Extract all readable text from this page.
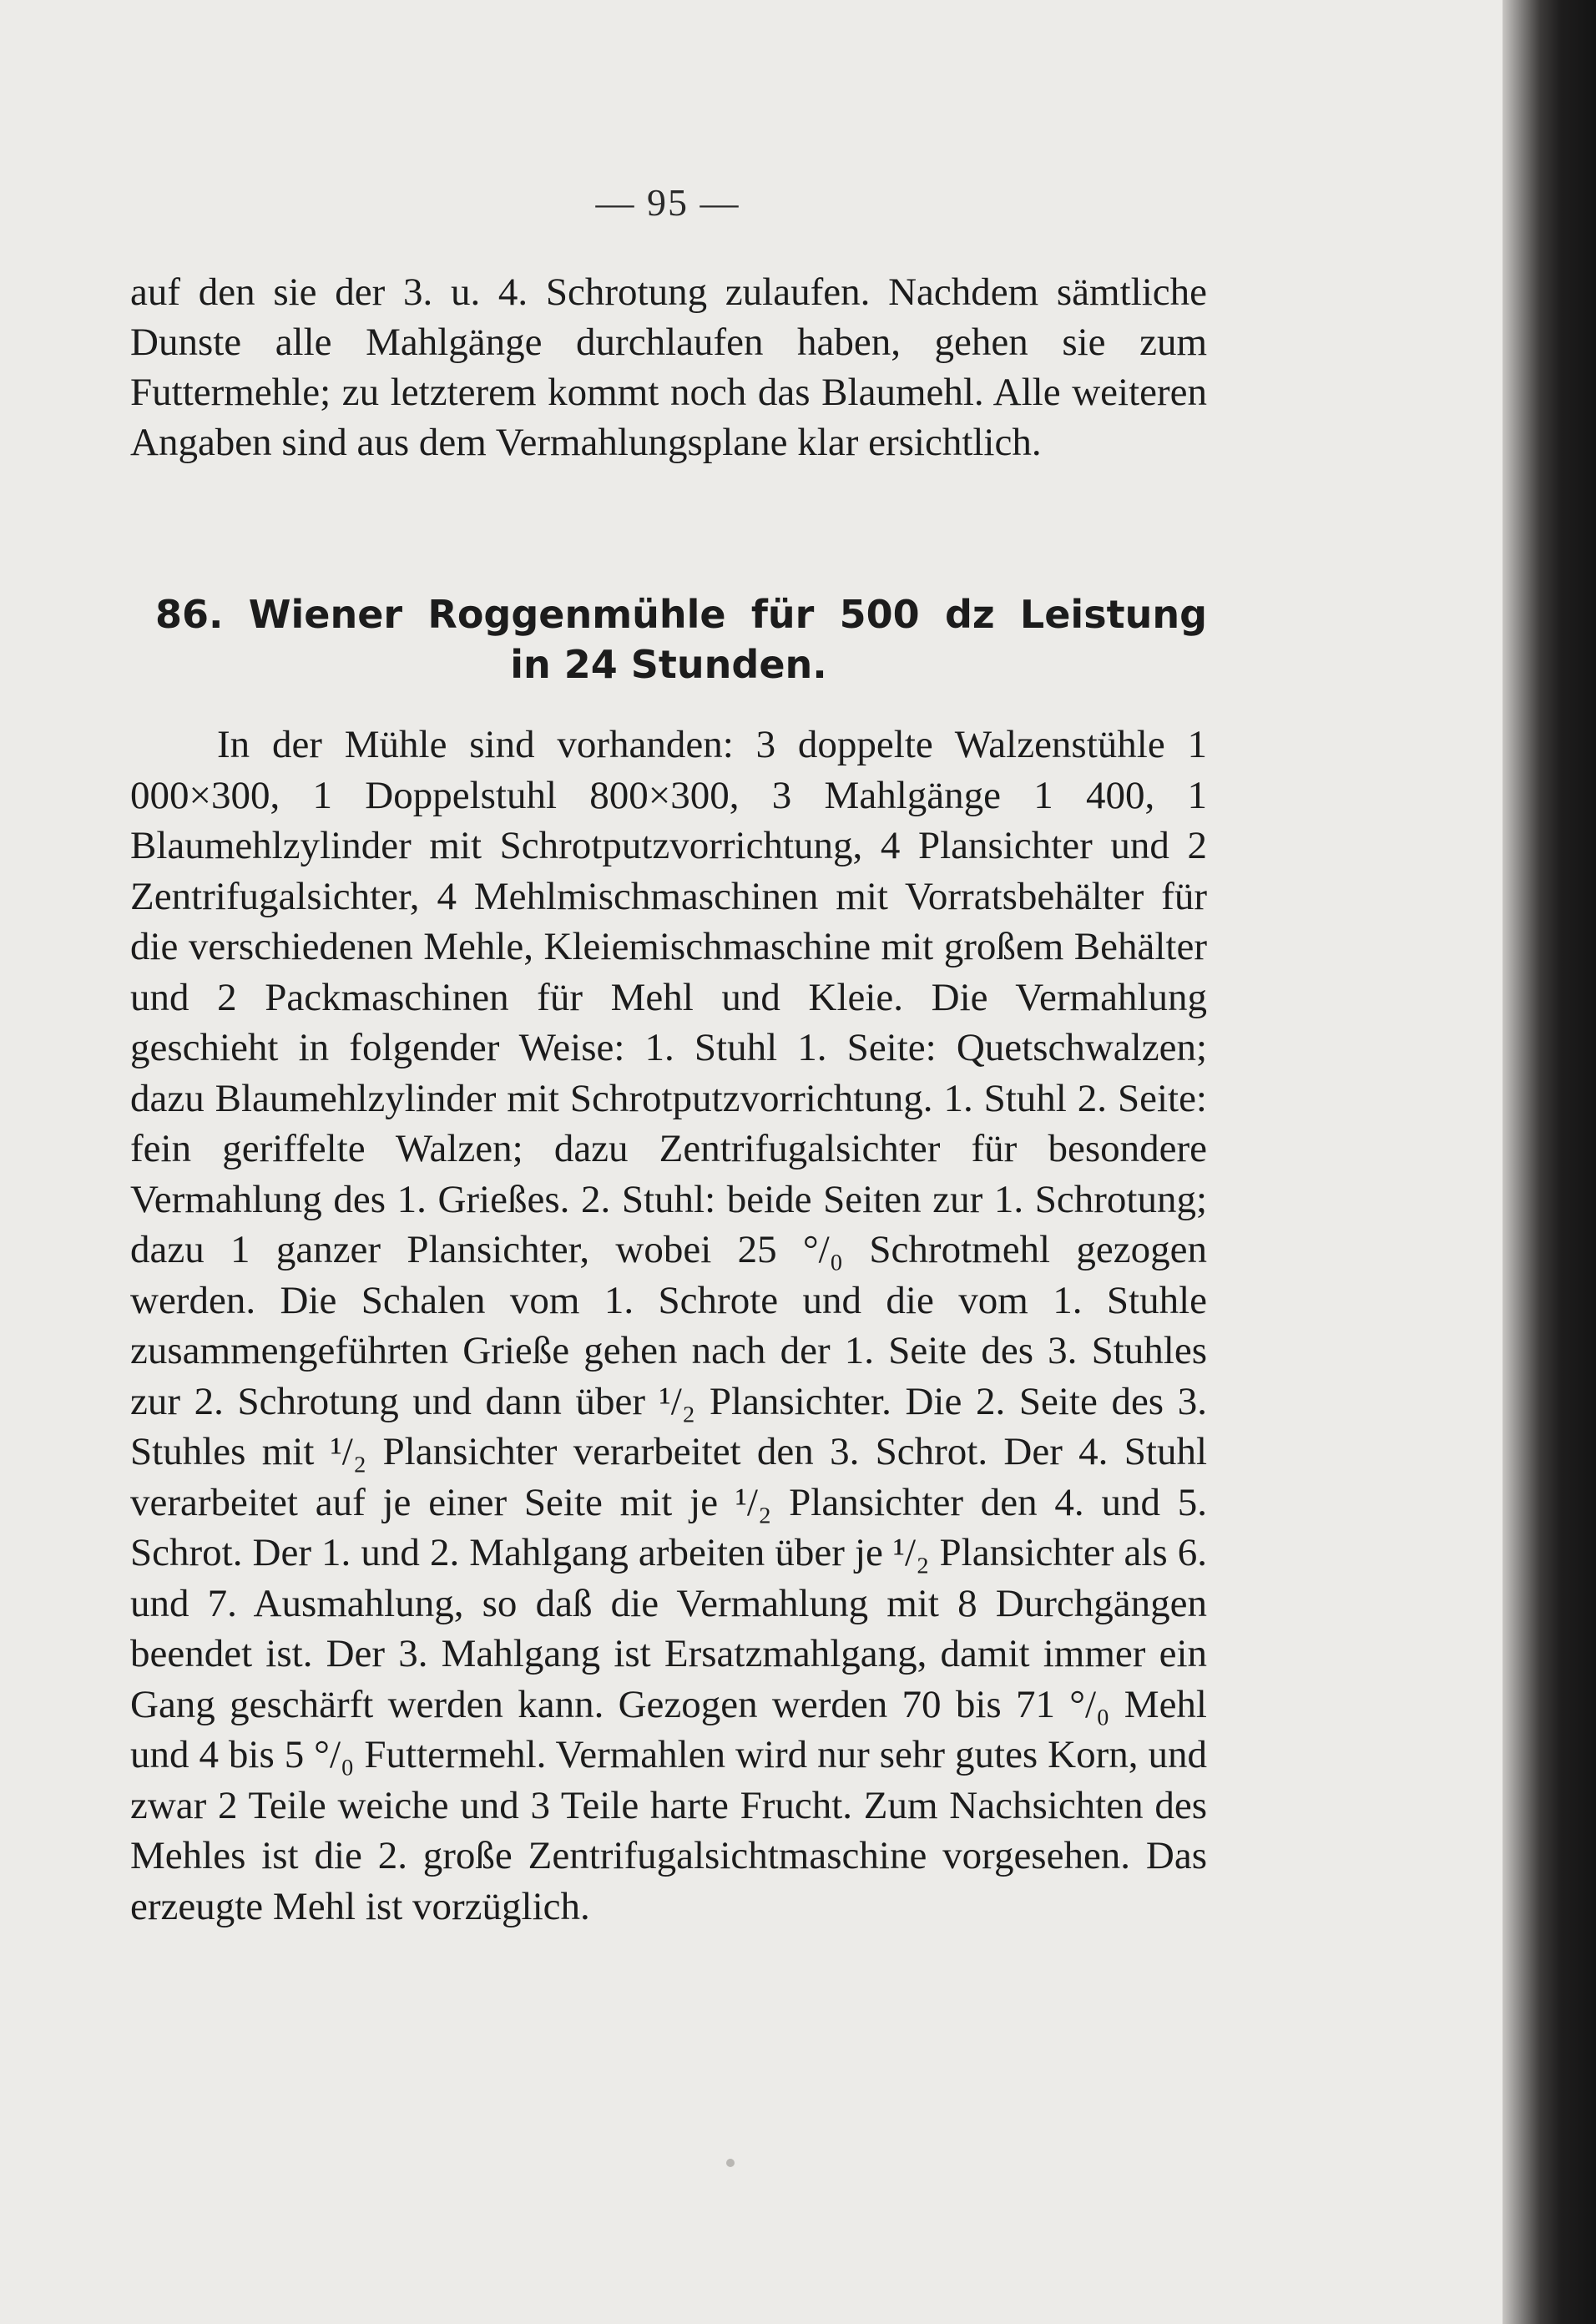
— 95 —
auf den sie der 3. u. 4. Schrotung zulaufen. Nachdem sämtliche Dunste alle Mahlgänge durchlaufen haben, gehen sie zum Futtermehle; zu letzterem kommt noch das Blaumehl. Alle weiteren Angaben sind aus dem Vermahlungsplane klar ersichtlich.
86. Wiener Roggenmühle für 500 dz Leistung
in 24 Stunden.
In der Mühle sind vorhanden: 3 doppelte Walzenstühle 1 000×300, 1 Doppelstuhl 800×300, 3 Mahlgänge 1 400, 1 Blaumehlzylinder mit Schrotputzvorrichtung, 4 Plansichter und 2 Zentrifugalsichter, 4 Mehlmischmaschinen mit Vorratsbehälter für die verschiedenen Mehle, Kleiemischmaschine mit großem Behälter und 2 Packmaschinen für Mehl und Kleie. Die Vermahlung geschieht in folgender Weise: 1. Stuhl 1. Seite: Quetschwalzen; dazu Blaumehlzylinder mit Schrotputzvorrichtung. 1. Stuhl 2. Seite: fein geriffelte Walzen; dazu Zentrifugalsichter für besondere Vermahlung des 1. Grießes. 2. Stuhl: beide Seiten zur 1. Schrotung; dazu 1 ganzer Plansichter, wobei 25 °/₀ Schrotmehl gezogen werden. Die Schalen vom 1. Schrote und die vom 1. Stuhle zusammengeführten Grieße gehen nach der 1. Seite des 3. Stuhles zur 2. Schrotung und dann über ¹/₂ Plansichter. Die 2. Seite des 3. Stuhles mit ¹/₂ Plansichter verarbeitet den 3. Schrot. Der 4. Stuhl verarbeitet auf je einer Seite mit je ¹/₂ Plansichter den 4. und 5. Schrot. Der 1. und 2. Mahlgang arbeiten über je ¹/₂ Plansichter als 6. und 7. Ausmahlung, so daß die Vermahlung mit 8 Durchgängen beendet ist. Der 3. Mahlgang ist Ersatzmahlgang, damit immer ein Gang geschärft werden kann. Gezogen werden 70 bis 71 °/₀ Mehl und 4 bis 5 °/₀ Futtermehl. Vermahlen wird nur sehr gutes Korn, und zwar 2 Teile weiche und 3 Teile harte Frucht. Zum Nachsichten des Mehles ist die 2. große Zentrifugalsichtmaschine vorgesehen. Das erzeugte Mehl ist vorzüglich.
